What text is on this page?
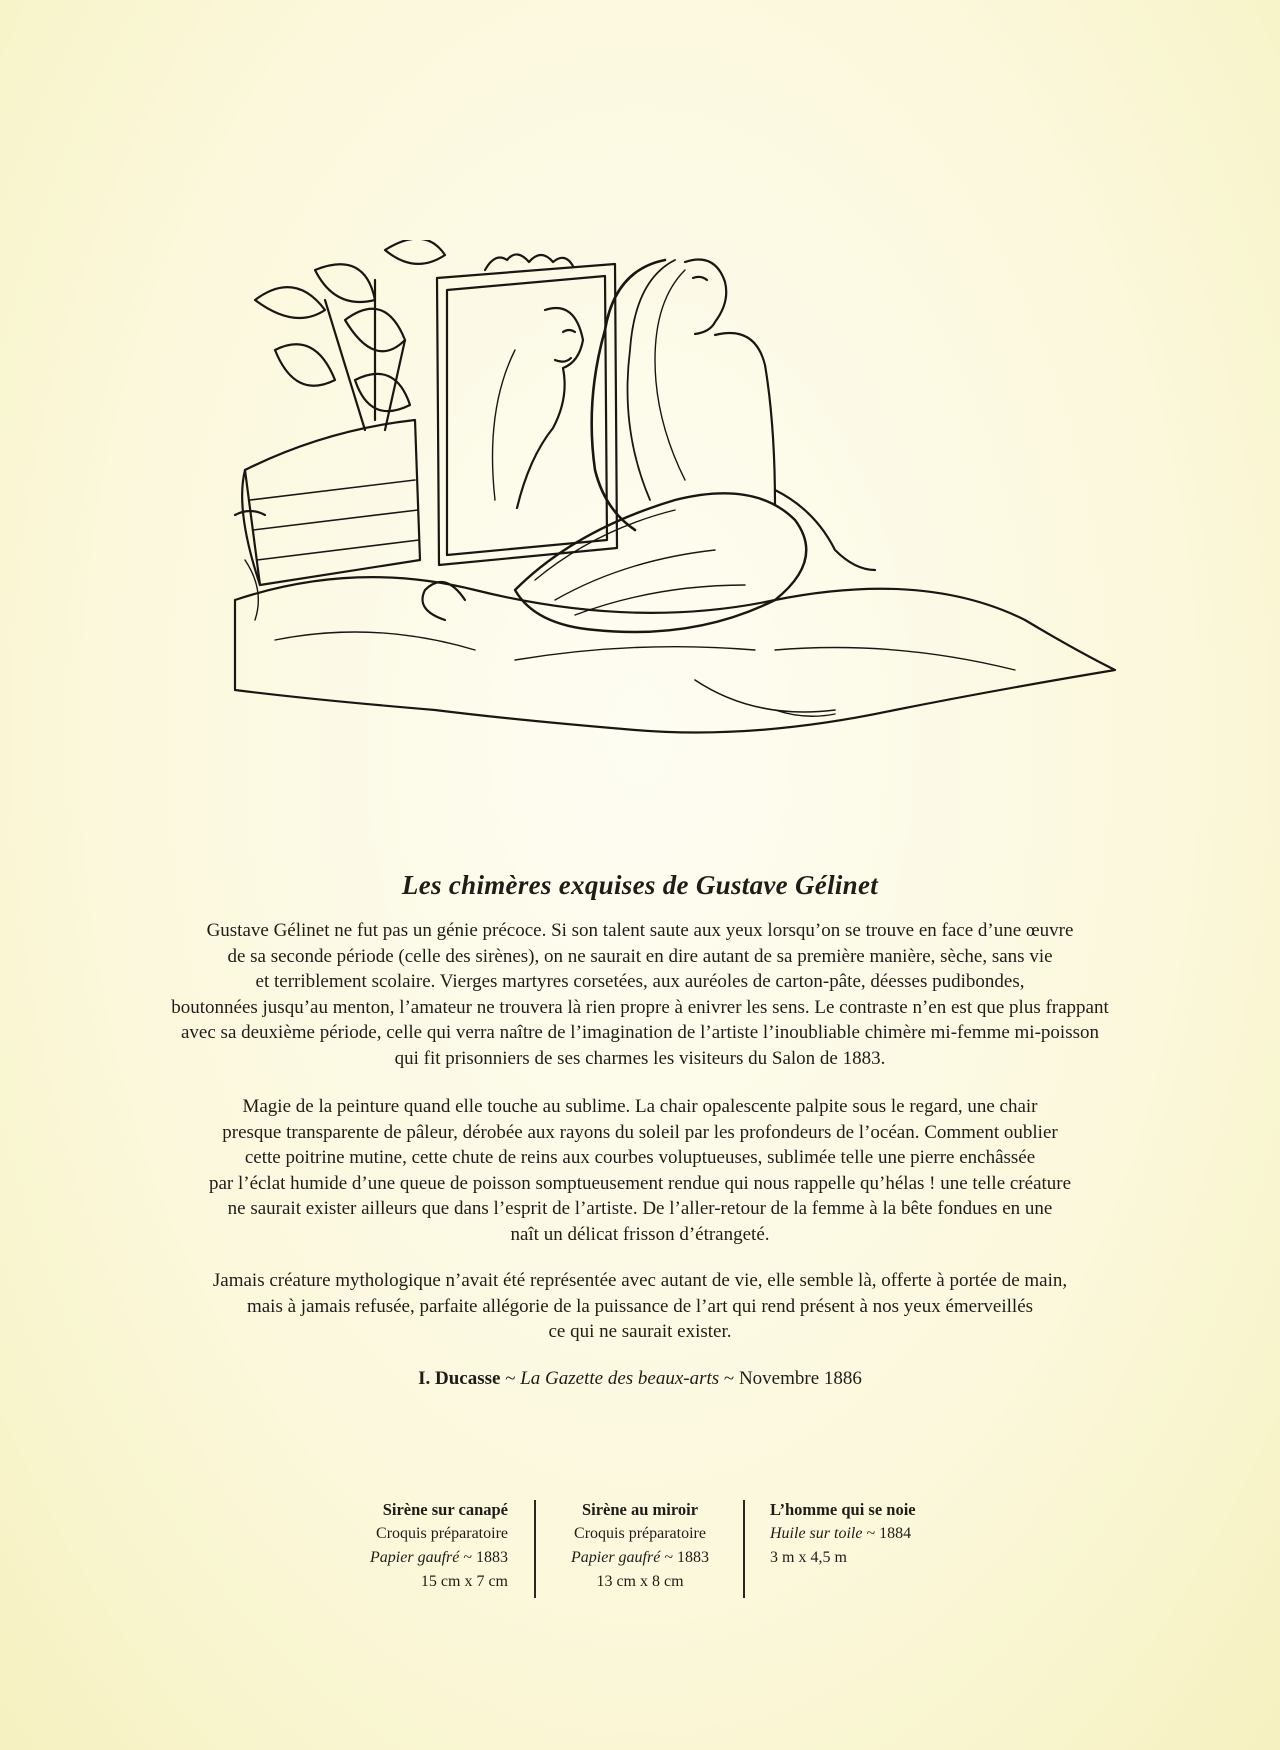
Les chimères exquises de Gustave Gélinet

Gustave Gélinet ne fut pas un génie précoce. Si son talent saute aux yeux lorsqu’on se trouve en face d’une œuvre
de sa seconde période (celle des sirènes), on ne saurait en dire autant de sa première manière, sèche, sans vie
et terriblement scolaire. Vierges martyres corsetées, aux auréoles de carton-pâte, déesses pudibondes,
boutonnées jusqu’au menton, l’amateur ne trouvera là rien propre à enivrer les sens. Le contraste n’en est que plus frappant
avec sa deuxième période, celle qui verra naître de l’imagination de l’artiste l’inoubliable chimère mi-femme mi-poisson
qui fit prisonniers de ses charmes les visiteurs du Salon de 1883.

Magie de la peinture quand elle touche au sublime. La chair opalescente palpite sous le regard, une chair
presque transparente de pâleur, dérobée aux rayons du soleil par les profondeurs de l’océan. Comment oublier
cette poitrine mutine, cette chute de reins aux courbes voluptueuses, sublimée telle une pierre enchâssée
par l’éclat humide d’une queue de poisson somptueusement rendue qui nous rappelle qu’hélas ! une telle créature
ne saurait exister ailleurs que dans l’esprit de l’artiste. De l’aller-retour de la femme à la bête fondues en une
naît un délicat frisson d’étrangeté.

Jamais créature mythologique n’avait été représentée avec autant de vie, elle semble là, offerte à portée de main,
mais à jamais refusée, parfaite allégorie de la puissance de l’art qui rend présent à nos yeux émerveillés
ce qui ne saurait exister.

I. Ducasse ~ La Gazette des beaux-arts ~ Novembre 1886
Sirène sur canapé
Croquis préparatoire
Papier gaufré ~ 1883
15 cm x 7 cm
Sirène au miroir
Croquis préparatoire
Papier gaufré ~ 1883
13 cm x 8 cm
L’homme qui se noie
Huile sur toile ~ 1884
3 m x 4,5 m
